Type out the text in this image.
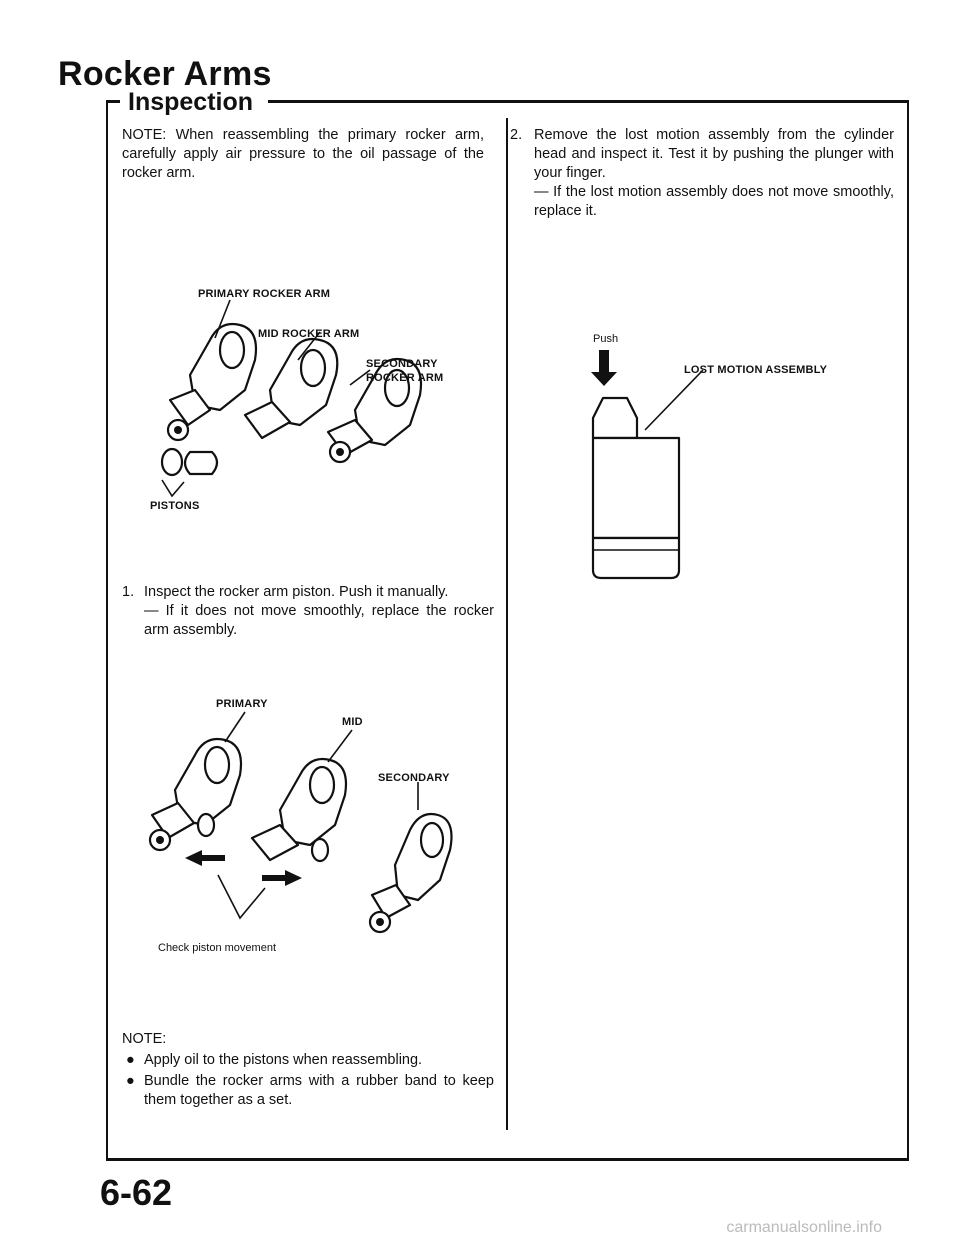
Rocker Arms
Inspection
NOTE: When reassembling the primary rocker arm, carefully apply air pressure to the oil passage of the rocker arm.
PRIMARY ROCKER ARM
MID ROCKER ARM
SECONDARY
ROCKER ARM
PISTONS
1. Inspect the rocker arm piston. Push it manually.
— If it does not move smoothly, replace the rocker arm assembly.
PRIMARY
MID
SECONDARY
Check piston movement
NOTE:
● Apply oil to the pistons when reassembling.
● Bundle the rocker arms with a rubber band to keep them together as a set.
2. Remove the lost motion assembly from the cylinder head and inspect it. Test it by pushing the plunger with your finger.
— If the lost motion assembly does not move smoothly, replace it.
Push
LOST MOTION ASSEMBLY
6-62
carmanualsonline.info
